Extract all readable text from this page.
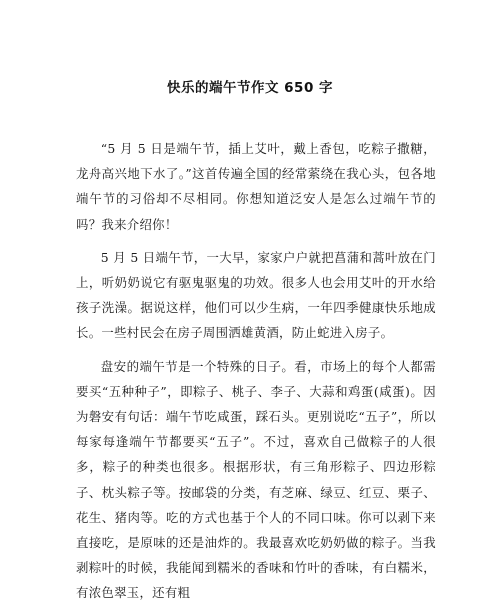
快乐的端午节作文 650 字

“5 月 5 日是端午节，插上艾叶，戴上香包，吃粽子撒糖，龙舟高兴地下水了。”这首传遍全国的经常萦绕在我心头，包各地端午节的习俗却不尽相同。你想知道泛安人是怎么过端午节的吗？我来介绍你！

5 月 5 日端午节，一大早，家家户户就把菖蒲和蒿叶放在门上，听奶奶说它有驱鬼驱鬼的功效。很多人也会用艾叶的开水给孩子洗澡。据说这样，他们可以少生病，一年四季健康快乐地成长。一些村民会在房子周围洒雄黄酒，防止蛇进入房子。

盘安的端午节是一个特殊的日子。看，市场上的每个人都需要买“五种种子”，即粽子、桃子、李子、大蒜和鸡蛋(咸蛋)。因为磐安有句话：端午节吃咸蛋，踩石头。更别说吃“五子”，所以每家每逢端午节都要买“五子”。不过，喜欢自己做粽子的人很多，粽子的种类也很多。根据形状，有三角形粽子、四边形粽子、枕头粽子等。按邮袋的分类，有芝麻、绿豆、红豆、栗子、花生、猪肉等。吃的方式也基于个人的不同口味。你可以剥下来直接吃，是原味的还是油炸的。我最喜欢吃奶奶做的粽子。当我剥粽叶的时候，我能闻到糯米的香味和竹叶的香味，有白糯米，有浓色翠玉，还有粗
